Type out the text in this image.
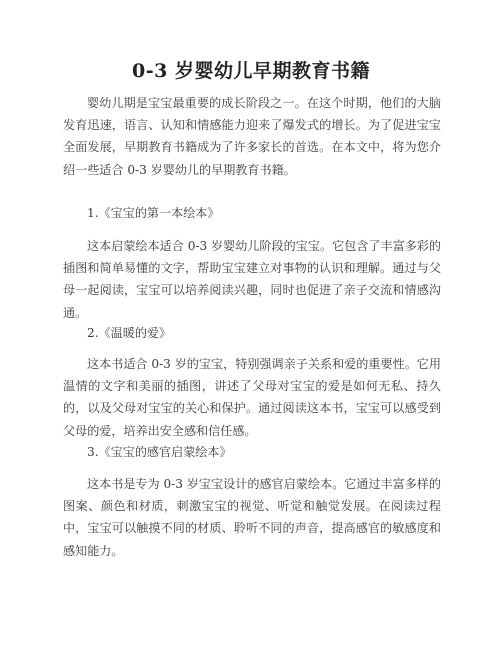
0-3 岁婴幼儿早期教育书籍
婴幼儿期是宝宝最重要的成长阶段之一。在这个时期，他们的大脑发育迅速，语言、认知和情感能力迎来了爆发式的增长。为了促进宝宝全面发展，早期教育书籍成为了许多家长的首选。在本文中，将为您介绍一些适合 0-3 岁婴幼儿的早期教育书籍。
1.《宝宝的第一本绘本》
这本启蒙绘本适合 0-3 岁婴幼儿阶段的宝宝。它包含了丰富多彩的插图和简单易懂的文字，帮助宝宝建立对事物的认识和理解。通过与父母一起阅读，宝宝可以培养阅读兴趣，同时也促进了亲子交流和情感沟通。
2.《温暖的爱》
这本书适合 0-3 岁的宝宝，特别强调亲子关系和爱的重要性。它用温情的文字和美丽的插图，讲述了父母对宝宝的爱是如何无私、持久的，以及父母对宝宝的关心和保护。通过阅读这本书，宝宝可以感受到父母的爱，培养出安全感和信任感。
3.《宝宝的感官启蒙绘本》
这本书是专为 0-3 岁宝宝设计的感官启蒙绘本。它通过丰富多样的图案、颜色和材质，刺激宝宝的视觉、听觉和触觉发展。在阅读过程中，宝宝可以触摸不同的材质、聆听不同的声音，提高感官的敏感度和感知能力。
